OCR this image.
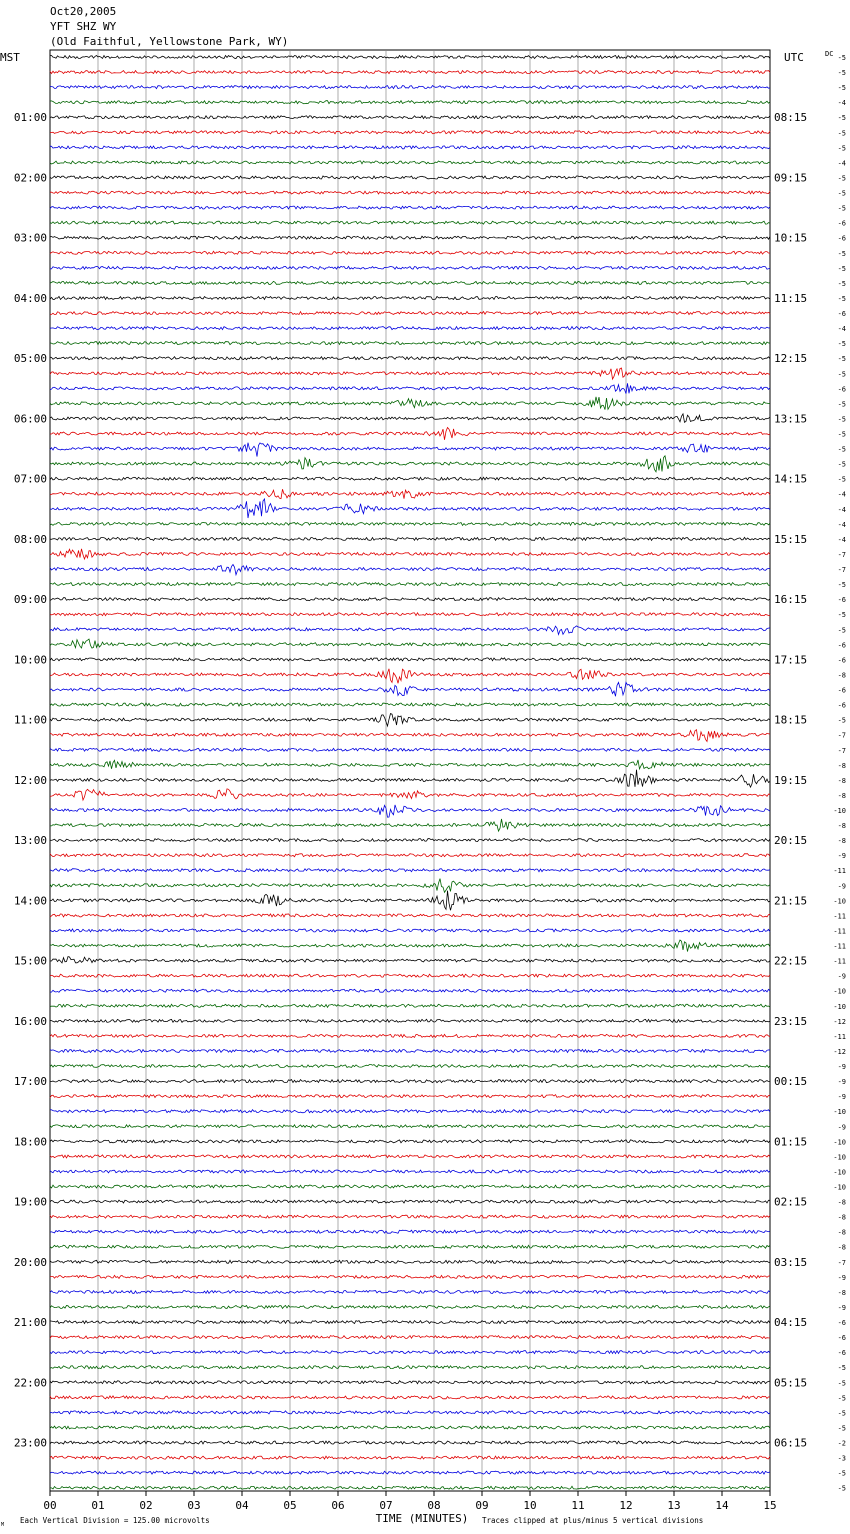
Oct20,2005
YFT SHZ WY
(Old Faithful, Yellowstone Park, WY)
MST	UTC	DC
01:00
02:00
03:00
04:00
05:00
06:00
07:00
08:00
09:00
10:00
11:00
12:00
13:00
14:00
15:00
16:00
17:00
18:00
19:00
20:00
21:00
22:00
23:00
08:15
09:15
10:15
11:15
12:15
13:15
14:15
15:15
16:15
17:15
18:15
19:15
20:15
21:15
22:15
23:15
00:15
01:15
02:15
03:15
04:15
05:15
06:15
-5
-5
-5
-4
-5
-5
-5
-4
-5
-5
-5
-6
-6
-5
-5
-5
-5
-6
-4
-5
-5
-5
-6
-5
-5
-5
-5
-5
-5
-4
-4
-4
-4
-7
-7
-5
-6
-5
-5
-6
-6
-8
-6
-6
-5
-7
-7
-8
-8
-8
-10
-8
-8
-9
-11
-9
-10
-11
-11
-11
-11
-9
-10
-10
-12
-11
-12
-9
-9
-9
-10
-9
-10
-10
-10
-10
-8
-8
-8
-8
-7
-9
-8
-9
-6
-6
-6
-5
-5
-5
-5
-5
-2
-3
-5
-5
00	01	02	03	04	05	06	07	08	09	10	11	12	13	14	15
TIME (MINUTES)
Each Vertical Division = 125.00 microvolts	Traces clipped at plus/minus 5 vertical divisions
M
